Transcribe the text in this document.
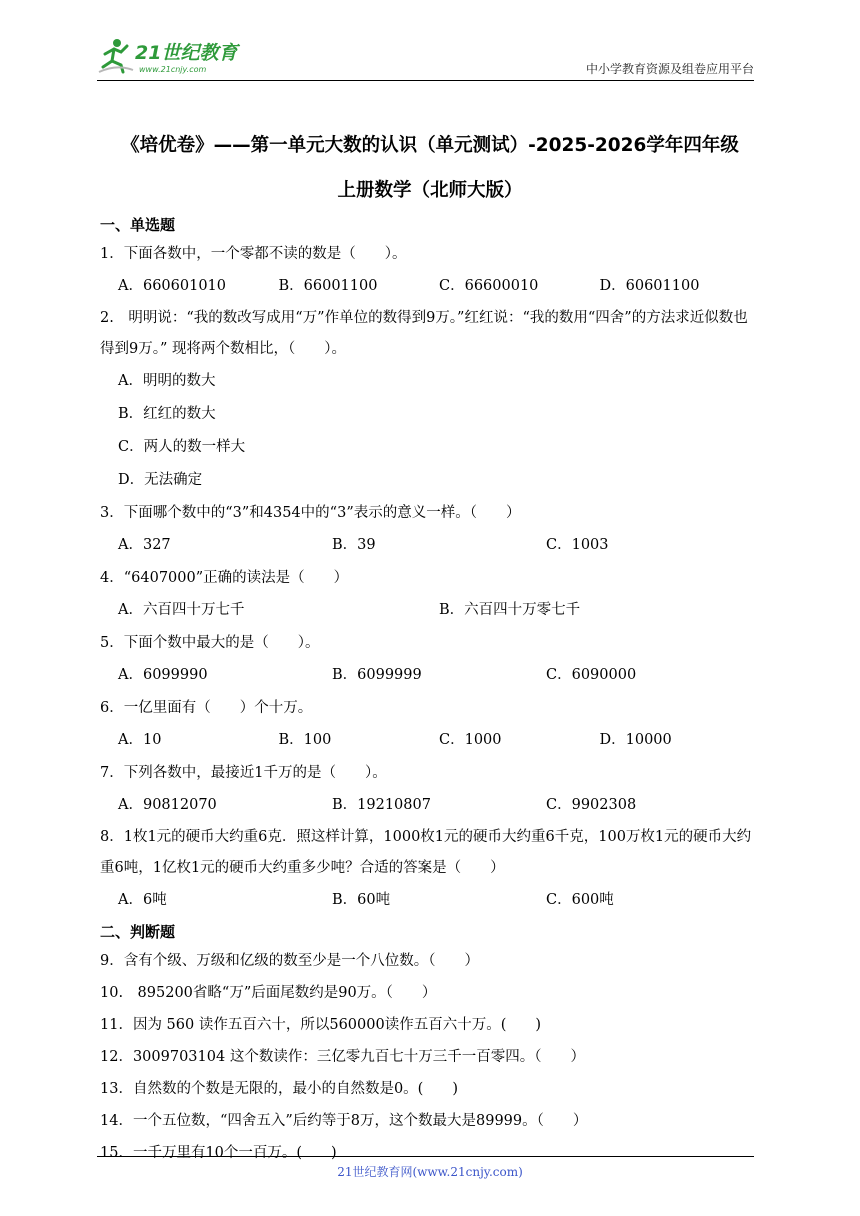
21世纪教育
www.21cnjy.com	中小学教育资源及组卷应用平台
《培优卷》——第一单元大数的认识（单元测试）-2025-2026学年四年级
上册数学（北师大版）
一、单选题
1．下面各数中，一个零都不读的数是（　　）。
A．660601010	B．66001100	C．66600010	D．60601100
2.　明明说：“我的数改写成用“万”作单位的数得到9万。”红红说：“我的数用“四舍”的方法求近似数也得到9万。” 现将两个数相比，（　　）。
A．明明的数大
B．红红的数大
C．两人的数一样大
D．无法确定
3．下面哪个数中的“3”和4354中的“3”表示的意义一样。（　　）
A．327	B．39	C．1003
4．“6407000”正确的读法是（　　）
A．六百四十万七千	B．六百四十万零七千
5．下面个数中最大的是（　　）。
A．6099990	B．6099999	C．6090000
6．一亿里面有（　　）个十万。
A．10	B．100	C．1000	D．10000
7．下列各数中，最接近1千万的是（　　）。
A．90812070	B．19210807	C．9902308
8．1枚1元的硬币大约重6克．照这样计算，1000枚1元的硬币大约重6千克，100万枚1元的硬币大约重6吨，1亿枚1元的硬币大约重多少吨？合适的答案是（　　）
A．6吨	B．60吨	C．600吨
二、判断题
9．含有个级、万级和亿级的数至少是一个八位数。（　　）
10.　895200省略“万”后面尾数约是90万。（　　）
11．因为 560 读作五百六十，所以560000读作五百六十万。(　　)
12．3009703104 这个数读作：三亿零九百七十万三千一百零四。（　　）
13．自然数的个数是无限的，最小的自然数是0。(　　)
14．一个五位数，“四舍五入”后约等于8万，这个数最大是89999。（　　）
15．一千万里有10个一百万。(　　)
21世纪教育网(www.21cnjy.com)
